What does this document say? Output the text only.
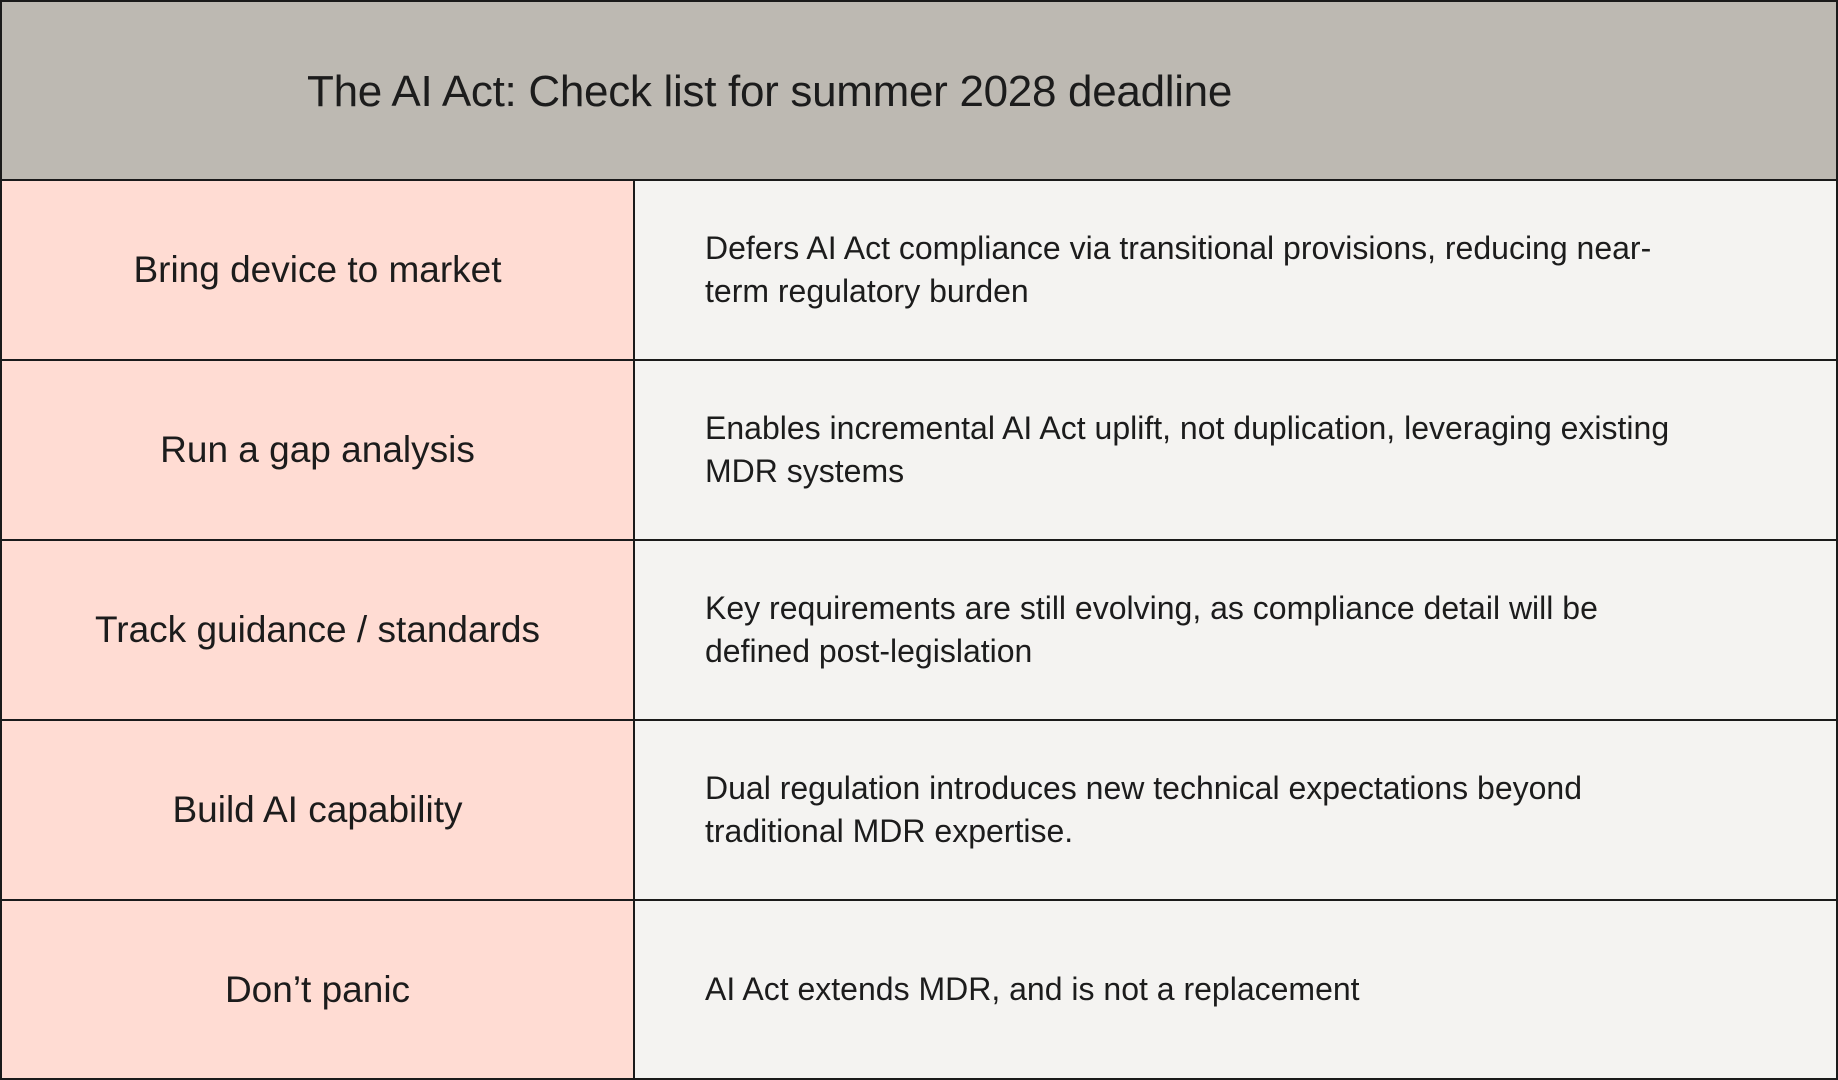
The AI Act: Check list for summer 2028 deadline
Bring device to market
Defers AI Act compliance via transitional provisions, reducing near-term regulatory burden
Run a gap analysis
Enables incremental AI Act uplift, not duplication, leveraging existing MDR systems
Track guidance / standards
Key requirements are still evolving, as compliance detail will be defined post-legislation
Build AI capability
Dual regulation introduces new technical expectations beyond traditional MDR expertise.
Don’t panic	AI Act extends MDR, and is not a replacement
